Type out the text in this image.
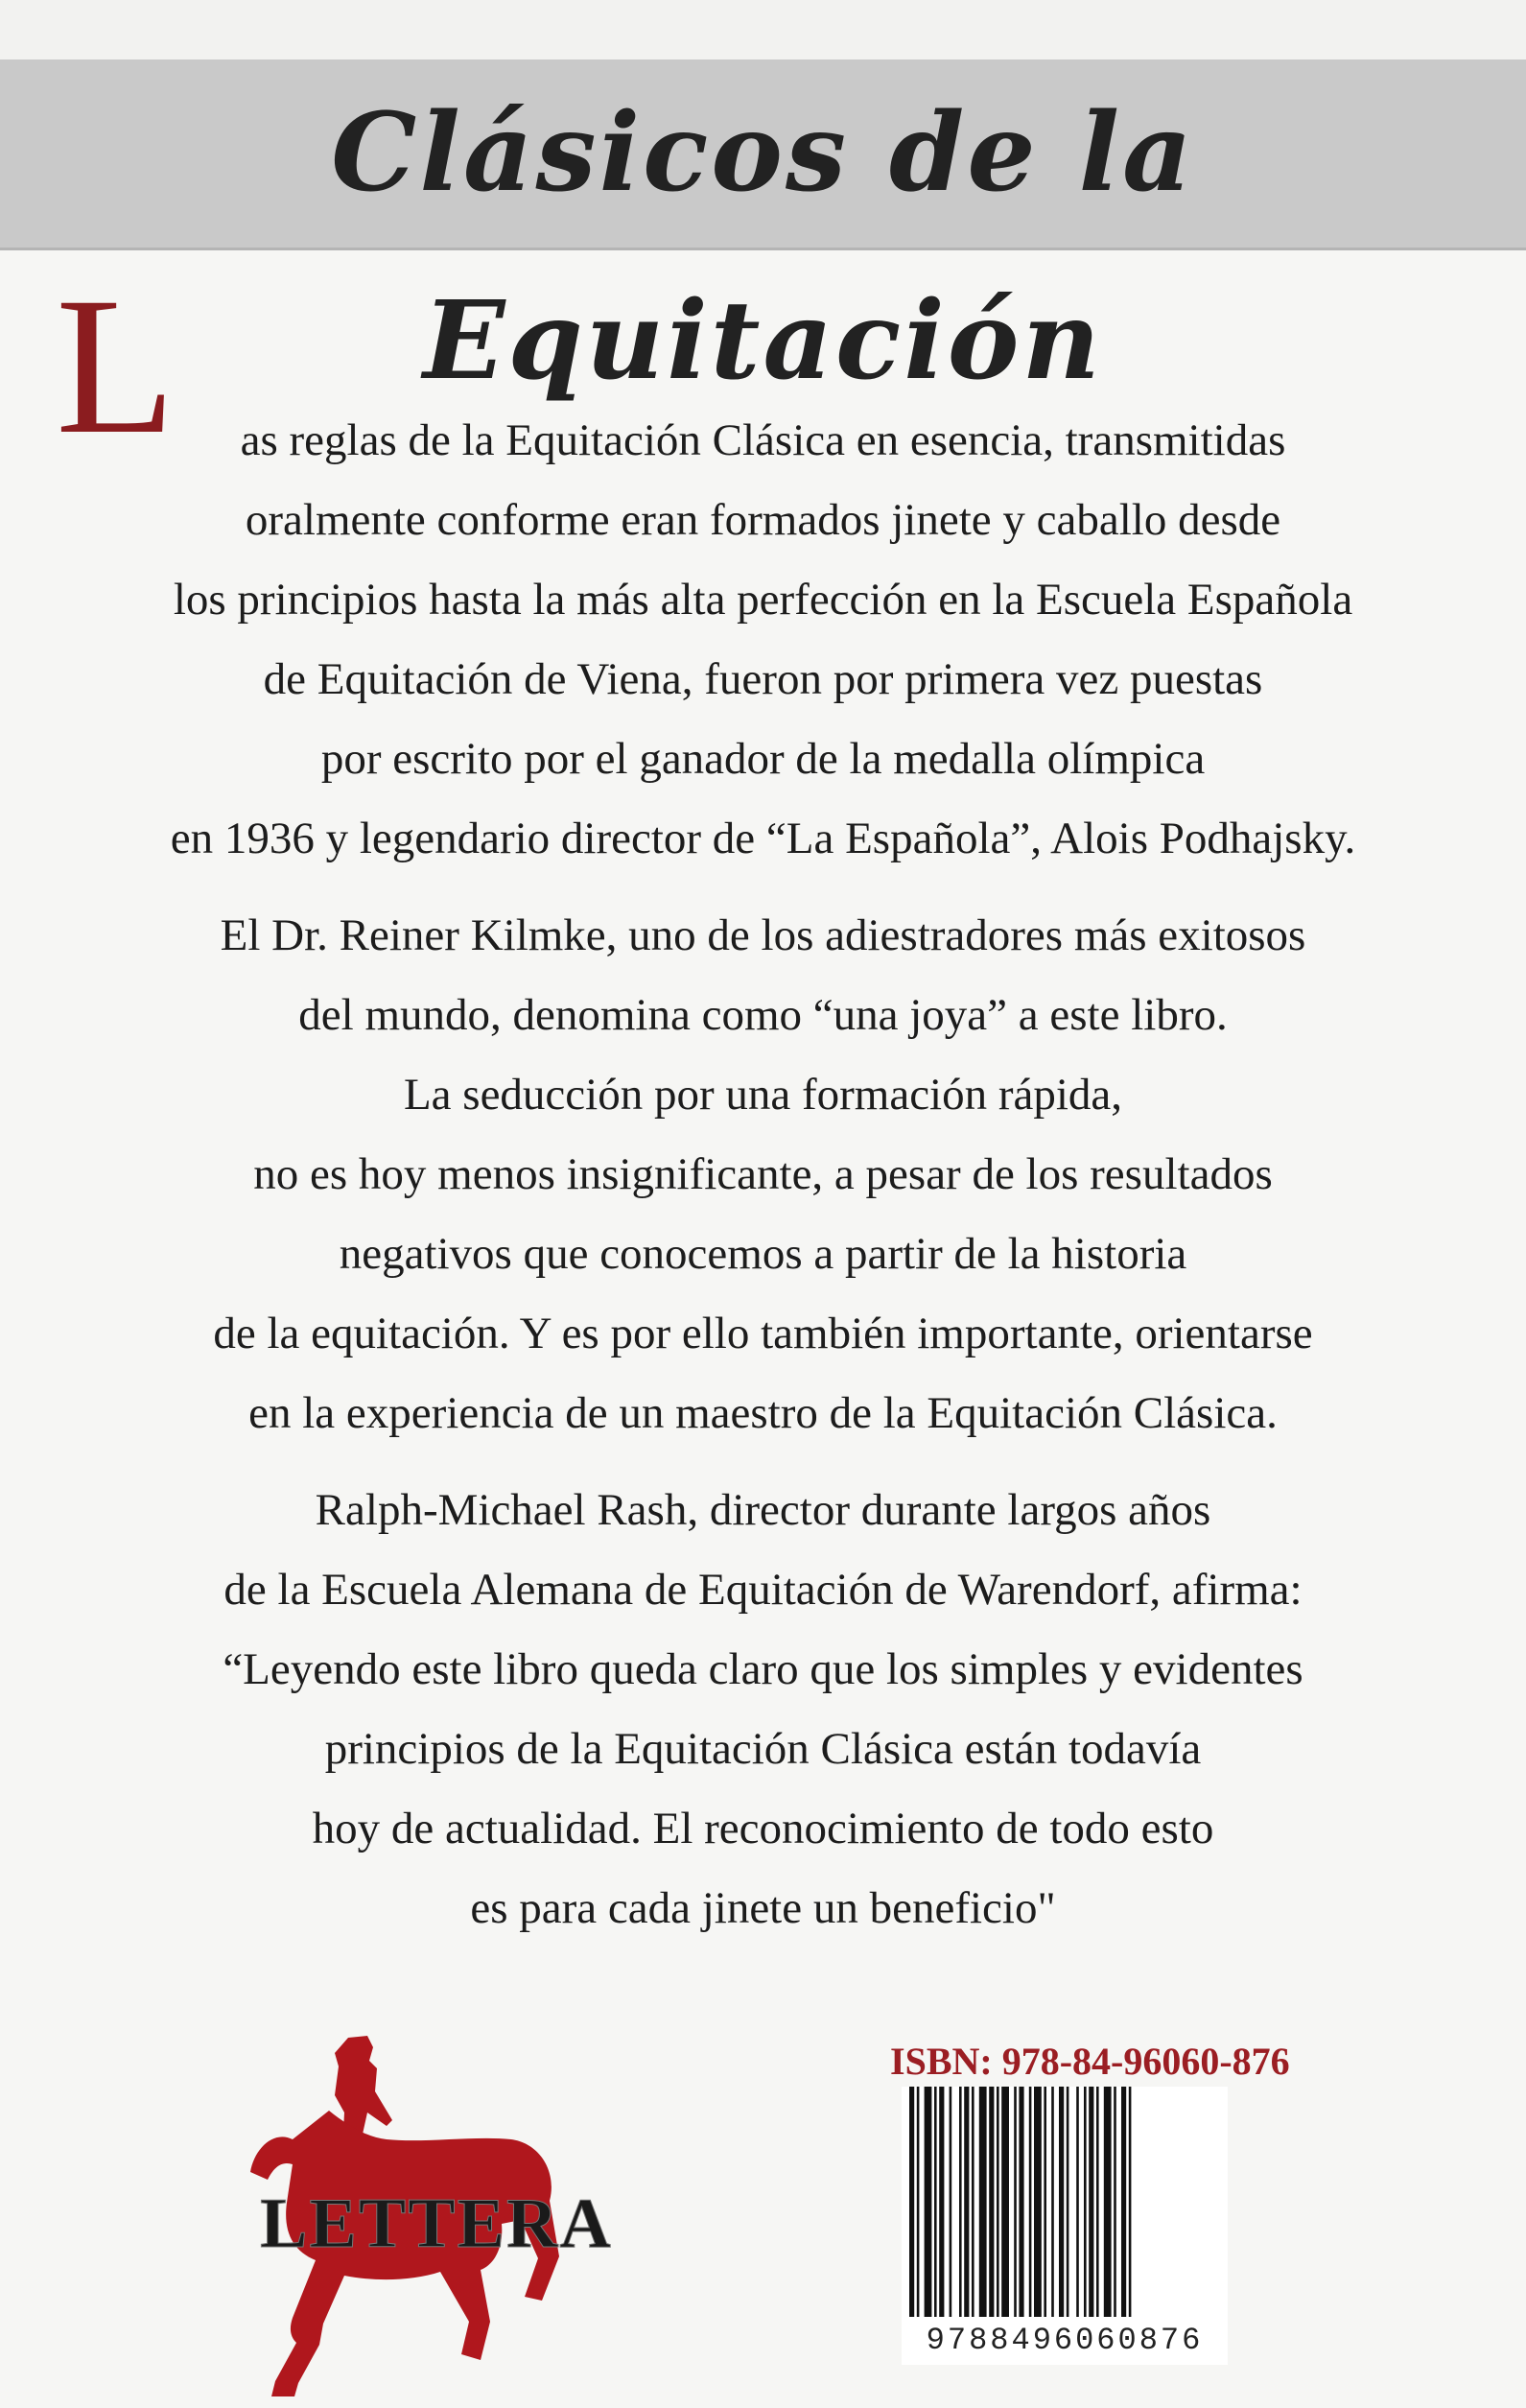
Clásicos de la Equitación
L	as reglas de la Equitación Clásica en esencia, transmitidas
oralmente conforme eran formados jinete y caballo desde
los principios hasta la más alta perfección en la Escuela Española
de Equitación de Viena, fueron por primera vez puestas
por escrito por el ganador de la medalla olímpica
en 1936 y legendario director de “La Española”, Alois Podhajsky.
El Dr. Reiner Kilmke, uno de los adiestradores más exitosos
del mundo, denomina como “una joya” a este libro.
La seducción por una formación rápida,
no es hoy menos insignificante, a pesar de los resultados
negativos que conocemos a partir de la historia
de la equitación. Y es por ello también importante, orientarse
en la experiencia de un maestro de la Equitación Clásica.
Ralph-Michael Rash, director durante largos años
de la Escuela Alemana de Equitación de Warendorf, afirma:
“Leyendo este libro queda claro que los simples y evidentes
principios de la Equitación Clásica están todavía
hoy de actualidad. El reconocimiento de todo esto
es para cada jinete un beneficio"
LETTERA
ISBN: 978-84-96060-876
9788496060876
